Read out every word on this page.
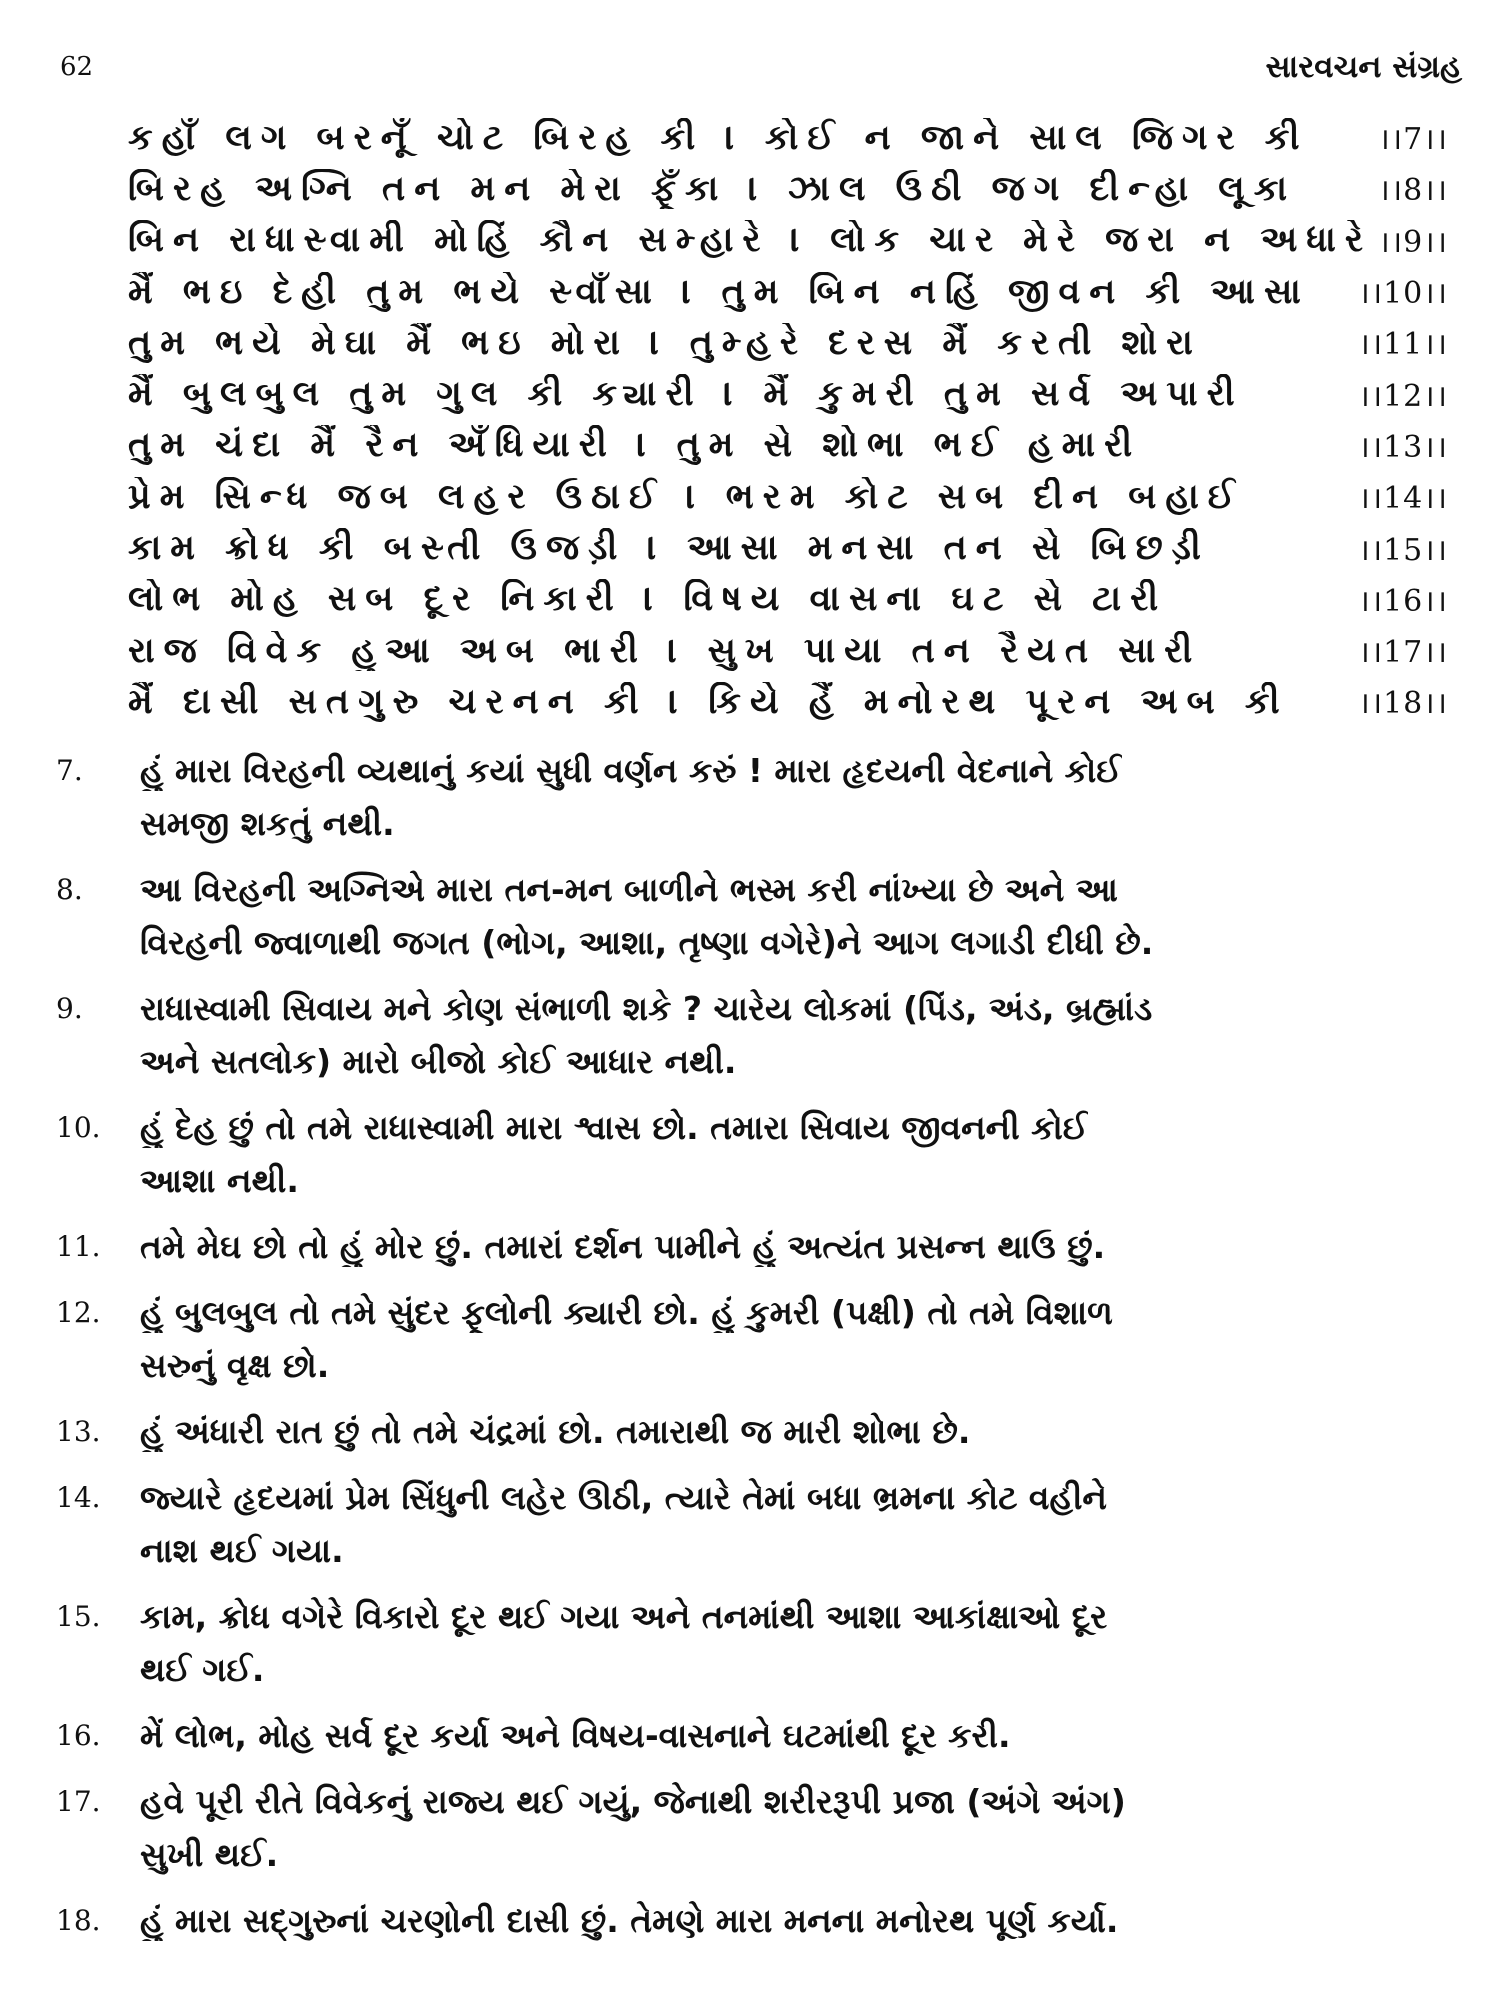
62	સારવચન સંગ્રહ
કહાઁ લગ બરનૂઁ ચોટ બિરહ કી । કોઈ ન જાને સાલ જિગર કી	।।7।।
બિરહ અગ્નિ તન મન મેરા ફૂઁકા । ઝાલ ઉઠી જગ દીન્હા લૂકા	।।8।।
બિન રાધાસ્વામી મોહિં કૌન સમ્હારે । લોક ચાર મેરે જરા ન અધારે ।।9।।
મૈં ભઇ દેહી તુમ ભયે સ્વાઁસા । તુમ બિન નહિં જીવન કી આસા	।।10।।
તુમ ભયે મેઘા મૈં ભઇ મોરા । તુમ્હરે દરસ મૈં કરતી શોરા	।।11।।
મૈં બુલબુલ તુમ ગુલ કી ક્યારી । મૈં કુમરી તુમ સર્વ અપારી	।।12।।
તુમ ચંદા મૈં રૈન અઁધિયારી । તુમ સે શોભા ભઈ હમારી	।।13।।
પ્રેમ સિન્ધ જબ લહર ઉઠાઈ । ભરમ કોટ સબ દીન બહાઈ	।।14।।
કામ ક્રોધ કી બસ્તી ઉજડ઼ી । આસા મનસા તન સે બિછડ઼ી	।।15।।
લોભ મોહ સબ દૂર નિકારી । વિષય વાસના ઘટ સે ટારી	।।16।।
રાજ વિવેક હુઆ અબ ભારી । સુખ પાયા તન રૈયત સારી	।।17।।
મૈં દાસી સતગુરુ ચરનન કી । કિયે હૈં મનોરથ પૂરન અબ કી	।।18।।
7.	હું મારા વિરહની વ્યથાનું કયાં સુધી વર્ણન કરું ! મારા હૃદયની વેદનાને કોઈ
સમજી શકતું નથી.
8.	આ વિરહની અગ્નિએ મારા તન-મન બાળીને ભસ્મ કરી નાંખ્યા છે અને આ
વિરહની જ્વાળાથી જગત (ભોગ, આશા, તૃષ્ણા વગેરે)ને આગ લગાડી દીધી છે.
9.	રાધાસ્વામી સિવાય મને કોણ સંભાળી શકે ? ચારેય લોકમાં (પિંડ, અંડ, બ્રહ્માંડ
અને સતલોક) મારો બીજો કોઈ આધાર નથી.
10.	હું દેહ છું તો તમે રાધાસ્વામી મારા શ્વાસ છો. તમારા સિવાય જીવનની કોઈ
આશા નથી.
11.	તમે મેઘ છો તો હું મોર છું. તમારાં દર્શન પામીને હું અત્યંત પ્રસન્ન થાઉં છું.
12.	હું બુલબુલ તો તમે સુંદર ફૂલોની ક્યારી છો. હું કુમરી (પક્ષી) તો તમે વિશાળ
સરુનું વૃક્ષ છો.
13.	હું અંધારી રાત છું તો તમે ચંદ્રમાં છો. તમારાથી જ મારી શોભા છે.
14.	જ્યારે હૃદયમાં પ્રેમ સિંધુની લહેર ઊઠી, ત્યારે તેમાં બધા ભ્રમના કોટ વહીને
નાશ થઈ ગયા.
15.	કામ, ક્રોધ વગેરે વિકારો દૂર થઈ ગયા અને તનમાંથી આશા આકાંક્ષાઓ દૂર
થઈ ગઈ.
16.	મેં લોભ, મોહ સર્વ દૂર કર્યા અને વિષય-વાસનાને ઘટમાંથી દૂર કરી.
17.	હવે પૂરી રીતે વિવેકનું રાજ્ય થઈ ગયું, જેનાથી શરીરરૂપી પ્રજા (અંગે અંગ)
સુખી થઈ.
18.	હું મારા સદ્ગુરુનાં ચરણોની દાસી છું. તેમણે મારા મનના મનોરથ પૂર્ણ કર્યા.
